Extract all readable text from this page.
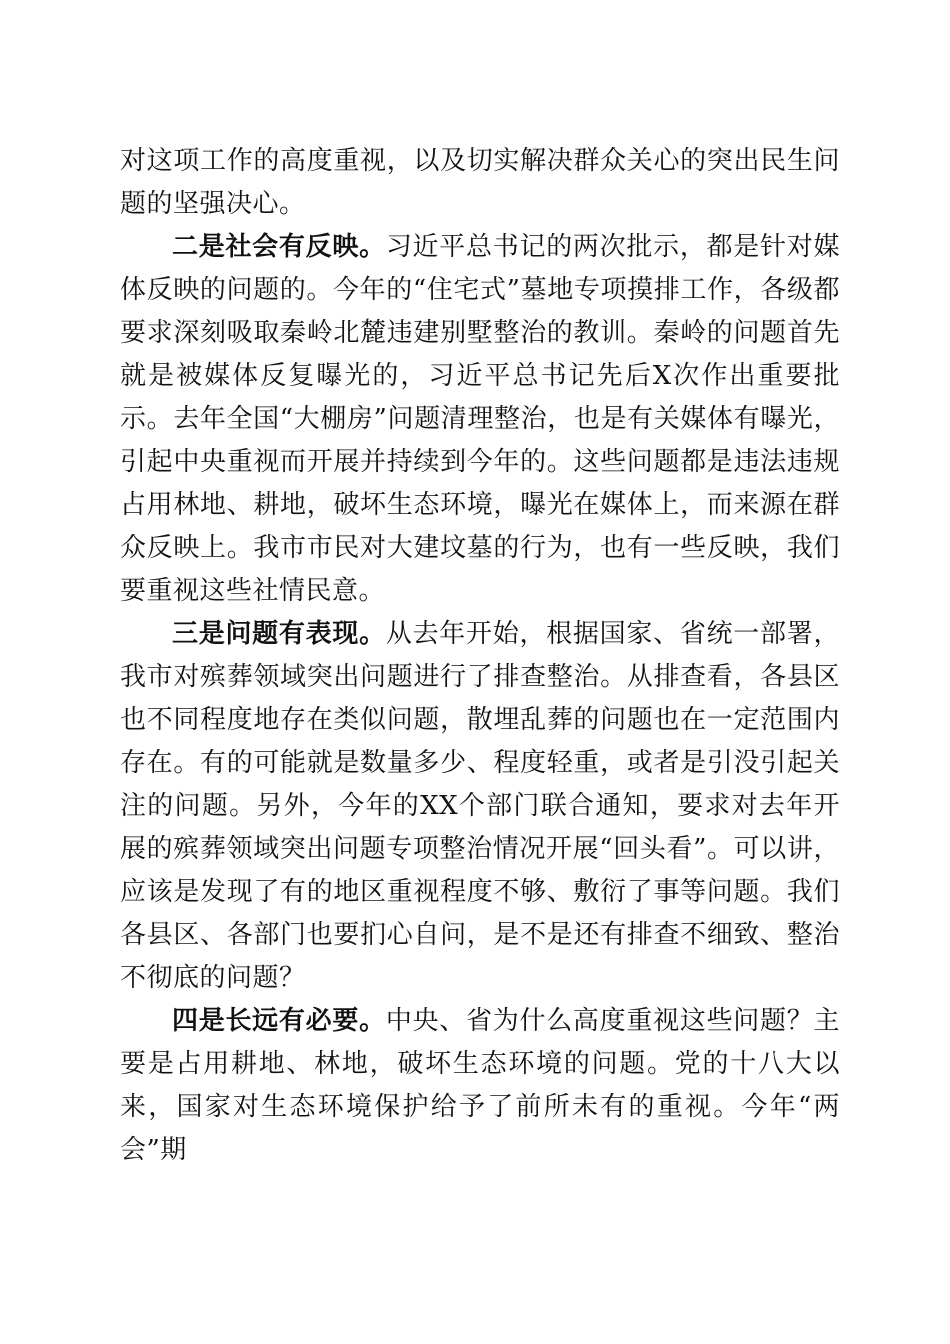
对这项工作的高度重视，以及切实解决群众关心的突出民生问题的坚强决心。

二是社会有反映。习近平总书记的两次批示，都是针对媒体反映的问题的。今年的“住宅式”墓地专项摸排工作，各级都要求深刻吸取秦岭北麓违建别墅整治的教训。秦岭的问题首先就是被媒体反复曝光的，习近平总书记先后X次作出重要批示。去年全国“大棚房”问题清理整治，也是有关媒体有曝光，引起中央重视而开展并持续到今年的。这些问题都是违法违规占用林地、耕地，破坏生态环境，曝光在媒体上，而来源在群众反映上。我市市民对大建坟墓的行为，也有一些反映，我们要重视这些社情民意。

三是问题有表现。从去年开始，根据国家、省统一部署，我市对殡葬领域突出问题进行了排查整治。从排查看，各县区也不同程度地存在类似问题，散埋乱葬的问题也在一定范围内存在。有的可能就是数量多少、程度轻重，或者是引没引起关注的问题。另外，今年的XX个部门联合通知，要求对去年开展的殡葬领域突出问题专项整治情况开展“回头看”。可以讲，应该是发现了有的地区重视程度不够、敷衍了事等问题。我们各县区、各部门也要扪心自问，是不是还有排查不细致、整治不彻底的问题？

四是长远有必要。中央、省为什么高度重视这些问题？主要是占用耕地、林地，破坏生态环境的问题。党的十八大以来，国家对生态环境保护给予了前所未有的重视。今年“两会”期
